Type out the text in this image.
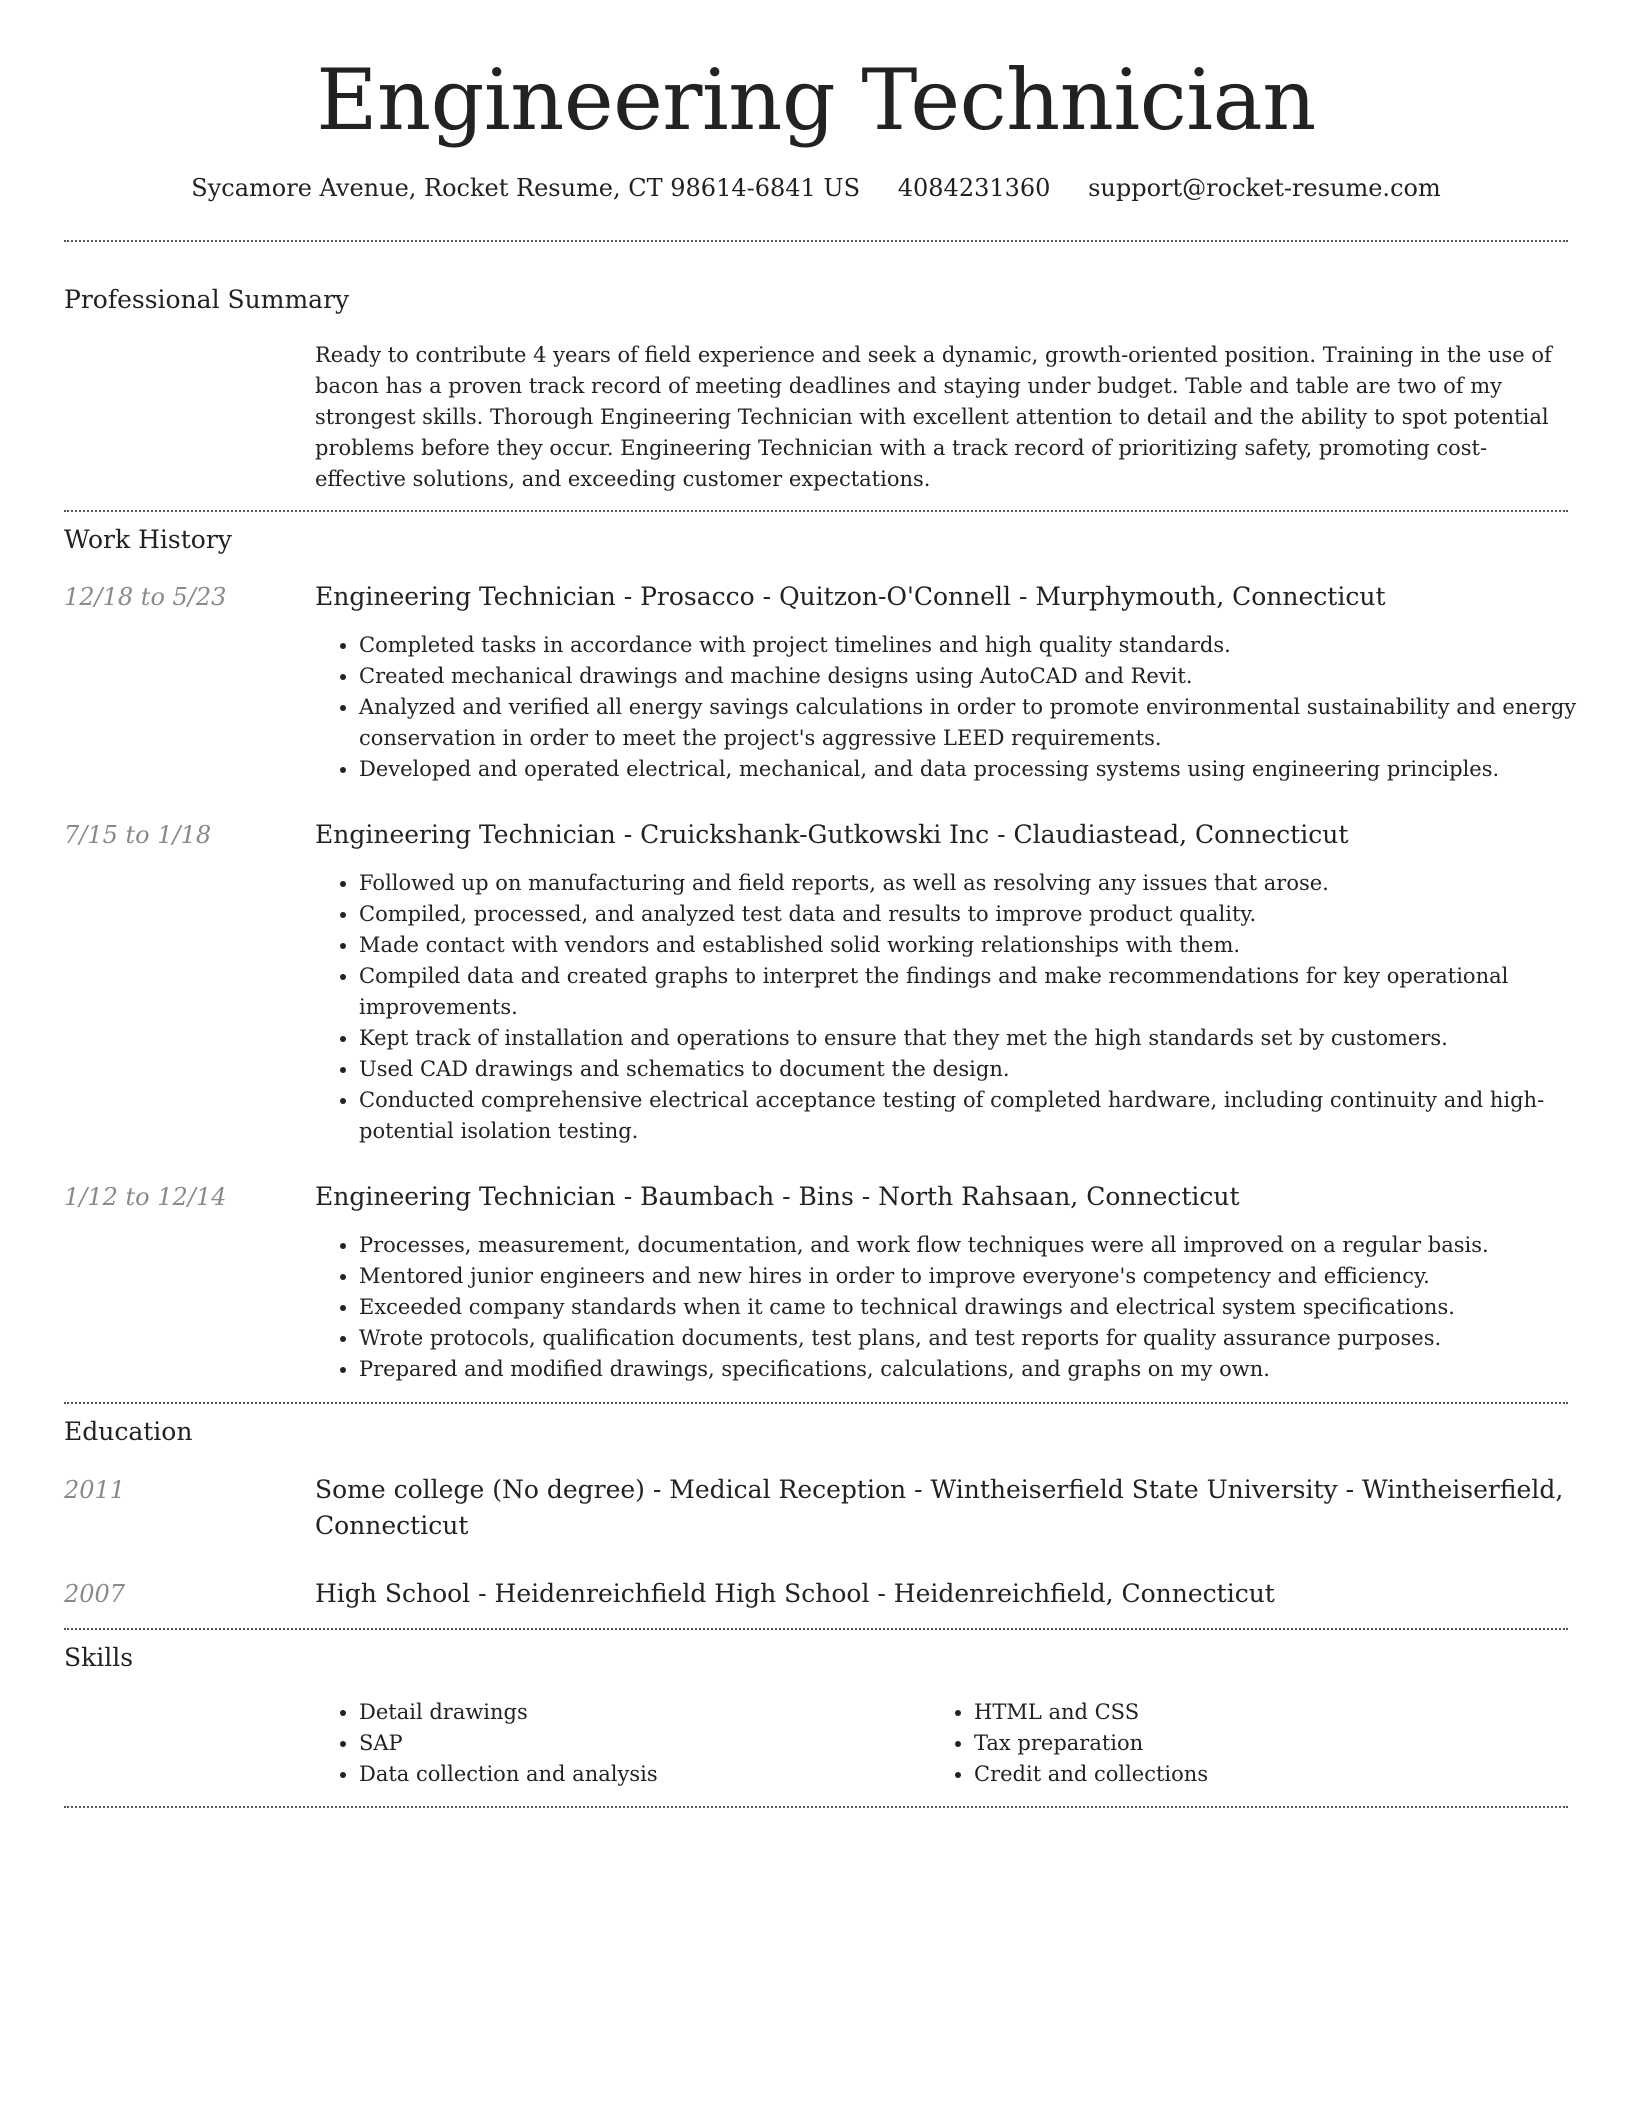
Engineering Technician
Sycamore Avenue, Rocket Resume, CT 98614-6841 US 4084231360 support@rocket-resume.com
Professional Summary

Ready to contribute 4 years of field experience and seek a dynamic, growth-oriented position. Training in the use of bacon has a proven track record of meeting deadlines and staying under budget. Table and table are two of my strongest skills. Thorough Engineering Technician with excellent attention to detail and the ability to spot potential problems before they occur. Engineering Technician with a track record of prioritizing safety, promoting cost-effective solutions, and exceeding customer expectations.

Work History
12/18 to 5/23	Engineering Technician - Prosacco - Quitzon-O'Connell - Murphymouth, Connecticut
• Completed tasks in accordance with project timelines and high quality standards.
• Created mechanical drawings and machine designs using AutoCAD and Revit.
• Analyzed and verified all energy savings calculations in order to promote environmental sustainability and energy conservation in order to meet the project's aggressive LEED requirements.
• Developed and operated electrical, mechanical, and data processing systems using engineering principles.
7/15 to 1/18	Engineering Technician - Cruickshank-Gutkowski Inc - Claudiastead, Connecticut
• Followed up on manufacturing and field reports, as well as resolving any issues that arose.
• Compiled, processed, and analyzed test data and results to improve product quality.
• Made contact with vendors and established solid working relationships with them.
• Compiled data and created graphs to interpret the findings and make recommendations for key operational improvements.
• Kept track of installation and operations to ensure that they met the high standards set by customers.
• Used CAD drawings and schematics to document the design.
• Conducted comprehensive electrical acceptance testing of completed hardware, including continuity and high-potential isolation testing.
1/12 to 12/14	Engineering Technician - Baumbach - Bins - North Rahsaan, Connecticut
• Processes, measurement, documentation, and work flow techniques were all improved on a regular basis.
• Mentored junior engineers and new hires in order to improve everyone's competency and efficiency.
• Exceeded company standards when it came to technical drawings and electrical system specifications.
• Wrote protocols, qualification documents, test plans, and test reports for quality assurance purposes.
• Prepared and modified drawings, specifications, calculations, and graphs on my own.
Education
2011	Some college (No degree) - Medical Reception - Wintheiserfield State University - Wintheiserfield, Connecticut
2007	High School - Heidenreichfield High School - Heidenreichfield, Connecticut
Skills
• Detail drawings
• SAP
• Data collection and analysis
• HTML and CSS
• Tax preparation
• Credit and collections
